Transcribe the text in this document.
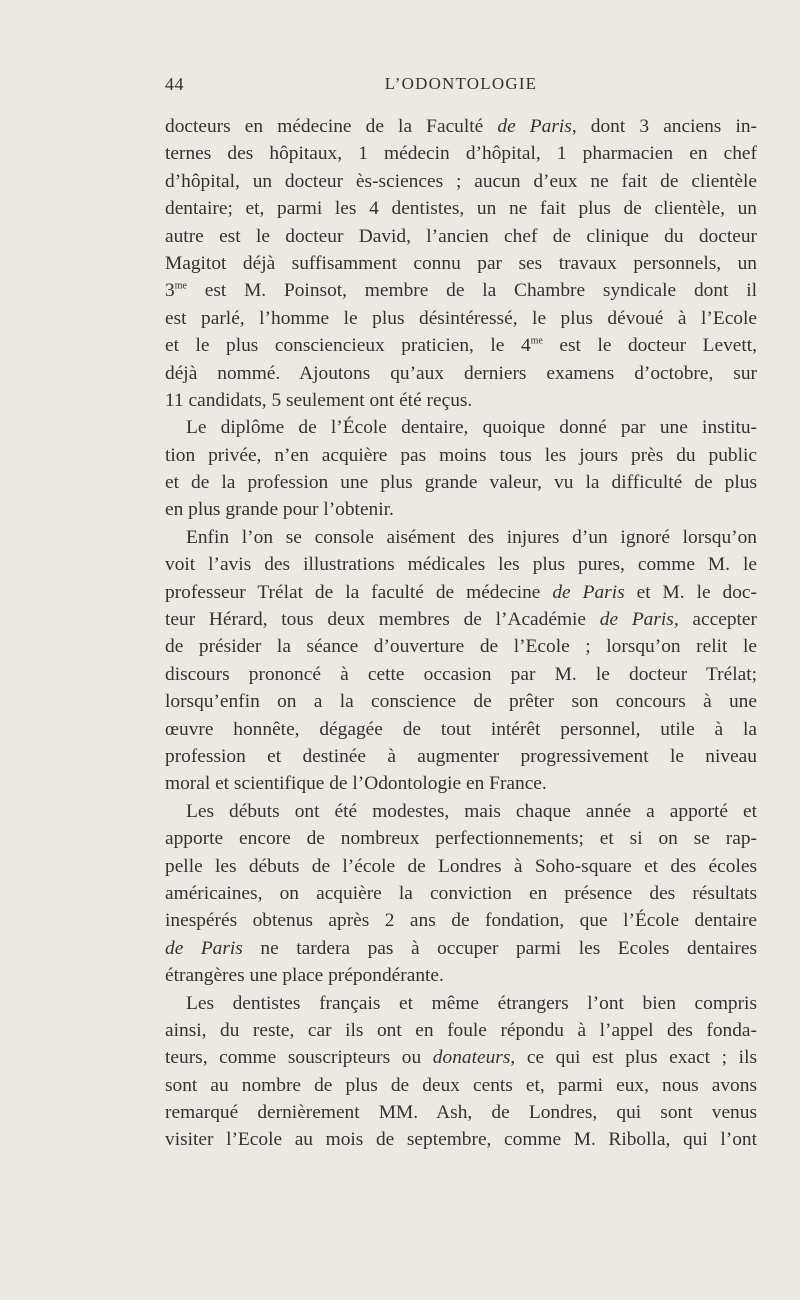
44	L’ODONTOLOGIE
docteurs en médecine de la Faculté de Paris, dont 3 anciens in-
ternes des hôpitaux, 1 médecin d’hôpital, 1 pharmacien en chef
d’hôpital, un docteur ès-sciences ; aucun d’eux ne fait de clientèle
dentaire; et, parmi les 4 dentistes, un ne fait plus de clientèle, un
autre est le docteur David, l’ancien chef de clinique du docteur
Magitot déjà suffisamment connu par ses travaux personnels, un
$3^{me}$ est M. Poinsot, membre de la Chambre syndicale dont il
est parlé, l’homme le plus désintéressé, le plus dévoué à l’Ecole
et le plus consciencieux praticien, le $4^{me}$ est le docteur Levett,
déjà nommé. Ajoutons qu’aux derniers examens d’octobre, sur
11 candidats, 5 seulement ont été reçus.
Le diplôme de l’École dentaire, quoique donné par une institu-
tion privée, n’en acquière pas moins tous les jours près du public
et de la profession une plus grande valeur, vu la difficulté de plus
en plus grande pour l’obtenir.
Enfin l’on se console aisément des injures d’un ignoré lorsqu’on
voit l’avis des illustrations médicales les plus pures, comme M. le
professeur Trélat de la faculté de médecine de Paris et M. le doc-
teur Hérard, tous deux membres de l’Académie de Paris, accepter
de présider la séance d’ouverture de l’Ecole ; lorsqu’on relit le
discours prononcé à cette occasion par M. le docteur Trélat;
lorsqu’enfin on a la conscience de prêter son concours à une
œuvre honnête, dégagée de tout intérêt personnel, utile à la
profession et destinée à augmenter progressivement le niveau
moral et scientifique de l’Odontologie en France.
Les débuts ont été modestes, mais chaque année a apporté et
apporte encore de nombreux perfectionnements; et si on se rap-
pelle les débuts de l’école de Londres à Soho-square et des écoles
américaines, on acquière la conviction en présence des résultats
inespérés obtenus après 2 ans de fondation, que l’École dentaire
de Paris ne tardera pas à occuper parmi les Ecoles dentaires
étrangères une place prépondérante.
Les dentistes français et même étrangers l’ont bien compris
ainsi, du reste, car ils ont en foule répondu à l’appel des fonda-
teurs, comme souscripteurs ou donateurs, ce qui est plus exact ; ils
sont au nombre de plus de deux cents et, parmi eux, nous avons
remarqué dernièrement MM. Ash, de Londres, qui sont venus
visiter l’Ecole au mois de septembre, comme M. Ribolla, qui l’ont
